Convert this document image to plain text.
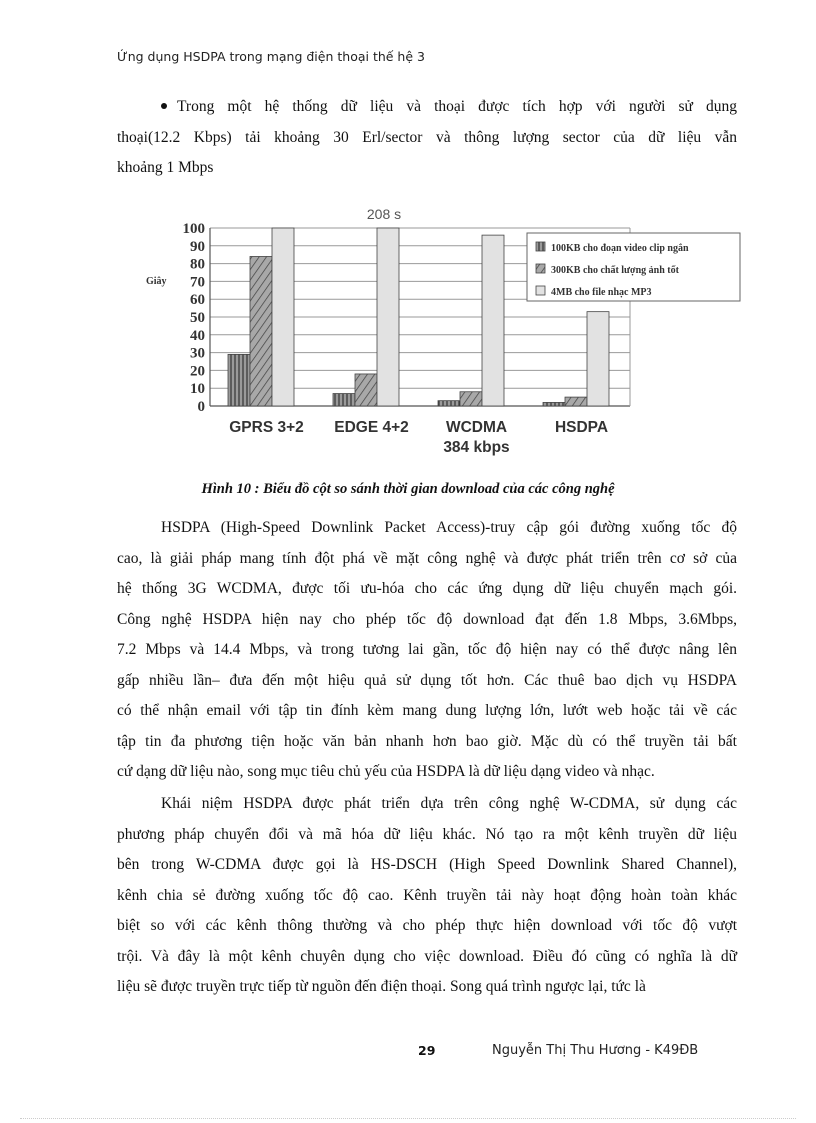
Ứng dụng HSDPA trong mạng điện thoại thế hệ 3
Trong một hệ thống dữ liệu và thoại được tích hợp với người sử dụng
thoại(12.2 Kbps) tải khoảng 30 Erl/sector và thông lượng sector của dữ liệu vẫn
khoảng 1 Mbps
0
10
20
30
40
50
60
70
80
90
100
Giây
GPRS 3+2 EDGE 4+2 WCDMA
384 kbps
HSDPA
208 s
100KB cho đoạn video clip ngắn
300KB cho chất lượng ảnh tốt
4MB cho file nhạc MP3
Hình 10 : Biểu đồ cột so sánh thời gian download của các công nghệ
HSDPA (High-Speed Downlink Packet Access)-truy cập gói đường xuống tốc độ
cao, là giải pháp mang tính đột phá về mặt công nghệ và được phát triển trên cơ sở của
hệ thống 3G WCDMA, được tối ưu-hóa cho các ứng dụng dữ liệu chuyển mạch gói.
Công nghệ HSDPA hiện nay cho phép tốc độ download đạt đến 1.8 Mbps, 3.6Mbps,
7.2 Mbps và 14.4 Mbps, và trong tương lai gần, tốc độ hiện nay có thể được nâng lên
gấp nhiều lần– đưa đến một hiệu quả sử dụng tốt hơn. Các thuê bao dịch vụ HSDPA
có thể nhận email với tập tin đính kèm mang dung lượng lớn, lướt web hoặc tải về các
tập tin đa phương tiện hoặc văn bản nhanh hơn bao giờ. Mặc dù có thể truyền tải bất
cứ dạng dữ liệu nào, song mục tiêu chủ yếu của HSDPA là dữ liệu dạng video và nhạc.
Khái niệm HSDPA được phát triển dựa trên công nghệ W-CDMA, sử dụng các
phương pháp chuyển đổi và mã hóa dữ liệu khác. Nó tạo ra một kênh truyền dữ liệu
bên trong W-CDMA được gọi là HS-DSCH (High Speed Downlink Shared Channel),
kênh chia sẻ đường xuống tốc độ cao. Kênh truyền tải này hoạt động hoàn toàn khác
biệt so với các kênh thông thường và cho phép thực hiện download với tốc độ vượt
trội. Và đây là một kênh chuyên dụng cho việc download. Điều đó cũng có nghĩa là dữ
liệu sẽ được truyền trực tiếp từ nguồn đến điện thoại. Song quá trình ngược lại, tức là
29	Nguyễn Thị Thu Hương - K49ĐB
